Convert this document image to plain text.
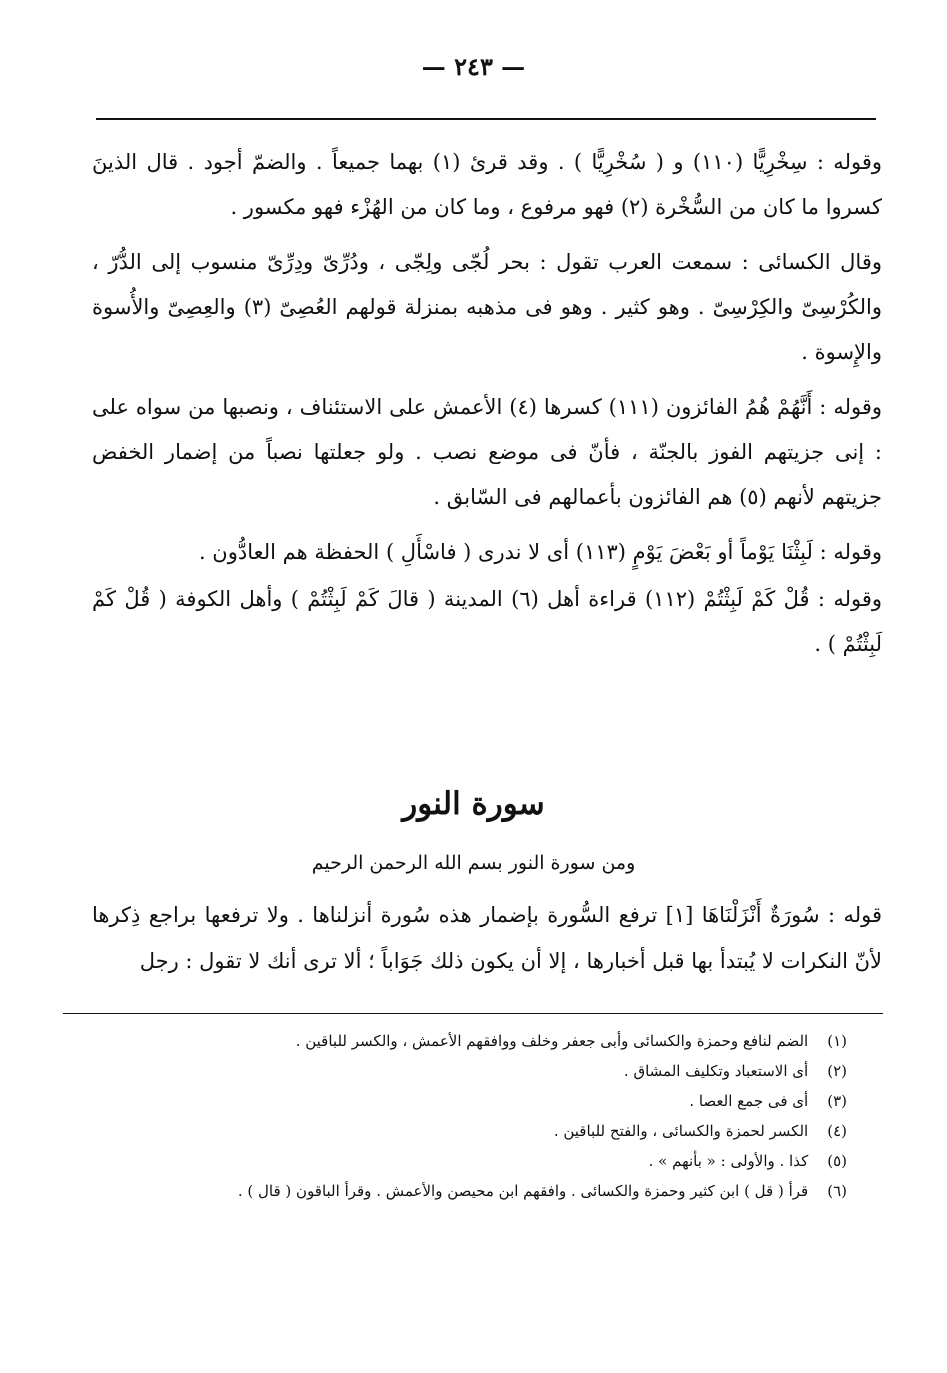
— ٢٤٣ —

وقوله : سِخْرِيًّا (١١٠) و ( سُخْرِيًّا ) . وقد قرئ (١) بهما جميعاً . والضمّ أجود . قال الذينَ كسروا ما كان من السُّخْرة (٢) فهو مرفوع ، وما كان من الهُزْء فهو مكسور .

وقال الكسائى : سمعت العرب تقول : بحر لُجّى ولِجّى ، ودُرِّىّ ودِرِّىّ منسوب إلى الدُّرّ ، والكُرْسِىّ والكِرْسِىّ . وهو كثير . وهو فى مذهبه بمنزلة قولهم العُصِىّ (٣) والعِصِىّ والأُسوة والإِسوة .

وقوله : أَنَّهُمْ هُمُ الفائزون (١١١) كسرها (٤) الأعمش على الاستئناف ، ونصبها من سواه على : إنى جزيتهم الفوز بالجنّة ، فأنّ فى موضع نصب . ولو جعلتها نصباً من إضمار الخفض جزيتهم لأنهم (٥) هم الفائزون بأعمالهم فى السّابق .

وقوله : لَبِثْنَا يَوْماً أو بَعْضَ يَوْمٍ (١١٣) أى لا ندرى ( فاسْأَلِ ) الحفظة هم العادُّون .

وقوله : قُلْ كَمْ لَبِثْتُمْ (١١٢) قراءة أهل (٦) المدينة ( قالَ كَمْ لَبِثْتُمْ ) وأهل الكوفة ( قُلْ كَمْ لَبِثْتُمْ ) .

سورة النور
ومن سورة النور بسم الله الرحمن الرحيم

قوله : سُورَةٌ أَنْزَلْنَاهَا [١] ترفع السُّورة بإضمار هذه سُورة أنزلناها . ولا ترفعها براجع ذِكرها لأنّ النكرات لا يُبتدأ بها قبل أخبارها ، إلا أن يكون ذلك جَوَاباً ؛ ألا ترى أنك لا تقول : رجل

(١) الضم لنافع وحمزة والكسائى وأبى جعفر وخلف ووافقهم الأعمش ، والكسر للباقين .
(٢) أى الاستعباد وتكليف المشاق .
(٣) أى فى جمع العصا .
(٤) الكسر لحمزة والكسائى ، والفتح للباقين .
(٥) كذا . والأولى : « بأنهم » .
(٦) قرأ ( قل ) ابن كثير وحمزة والكسائى . وافقهم ابن محيصن والأعمش . وقرأ الباقون ( قال ) .
